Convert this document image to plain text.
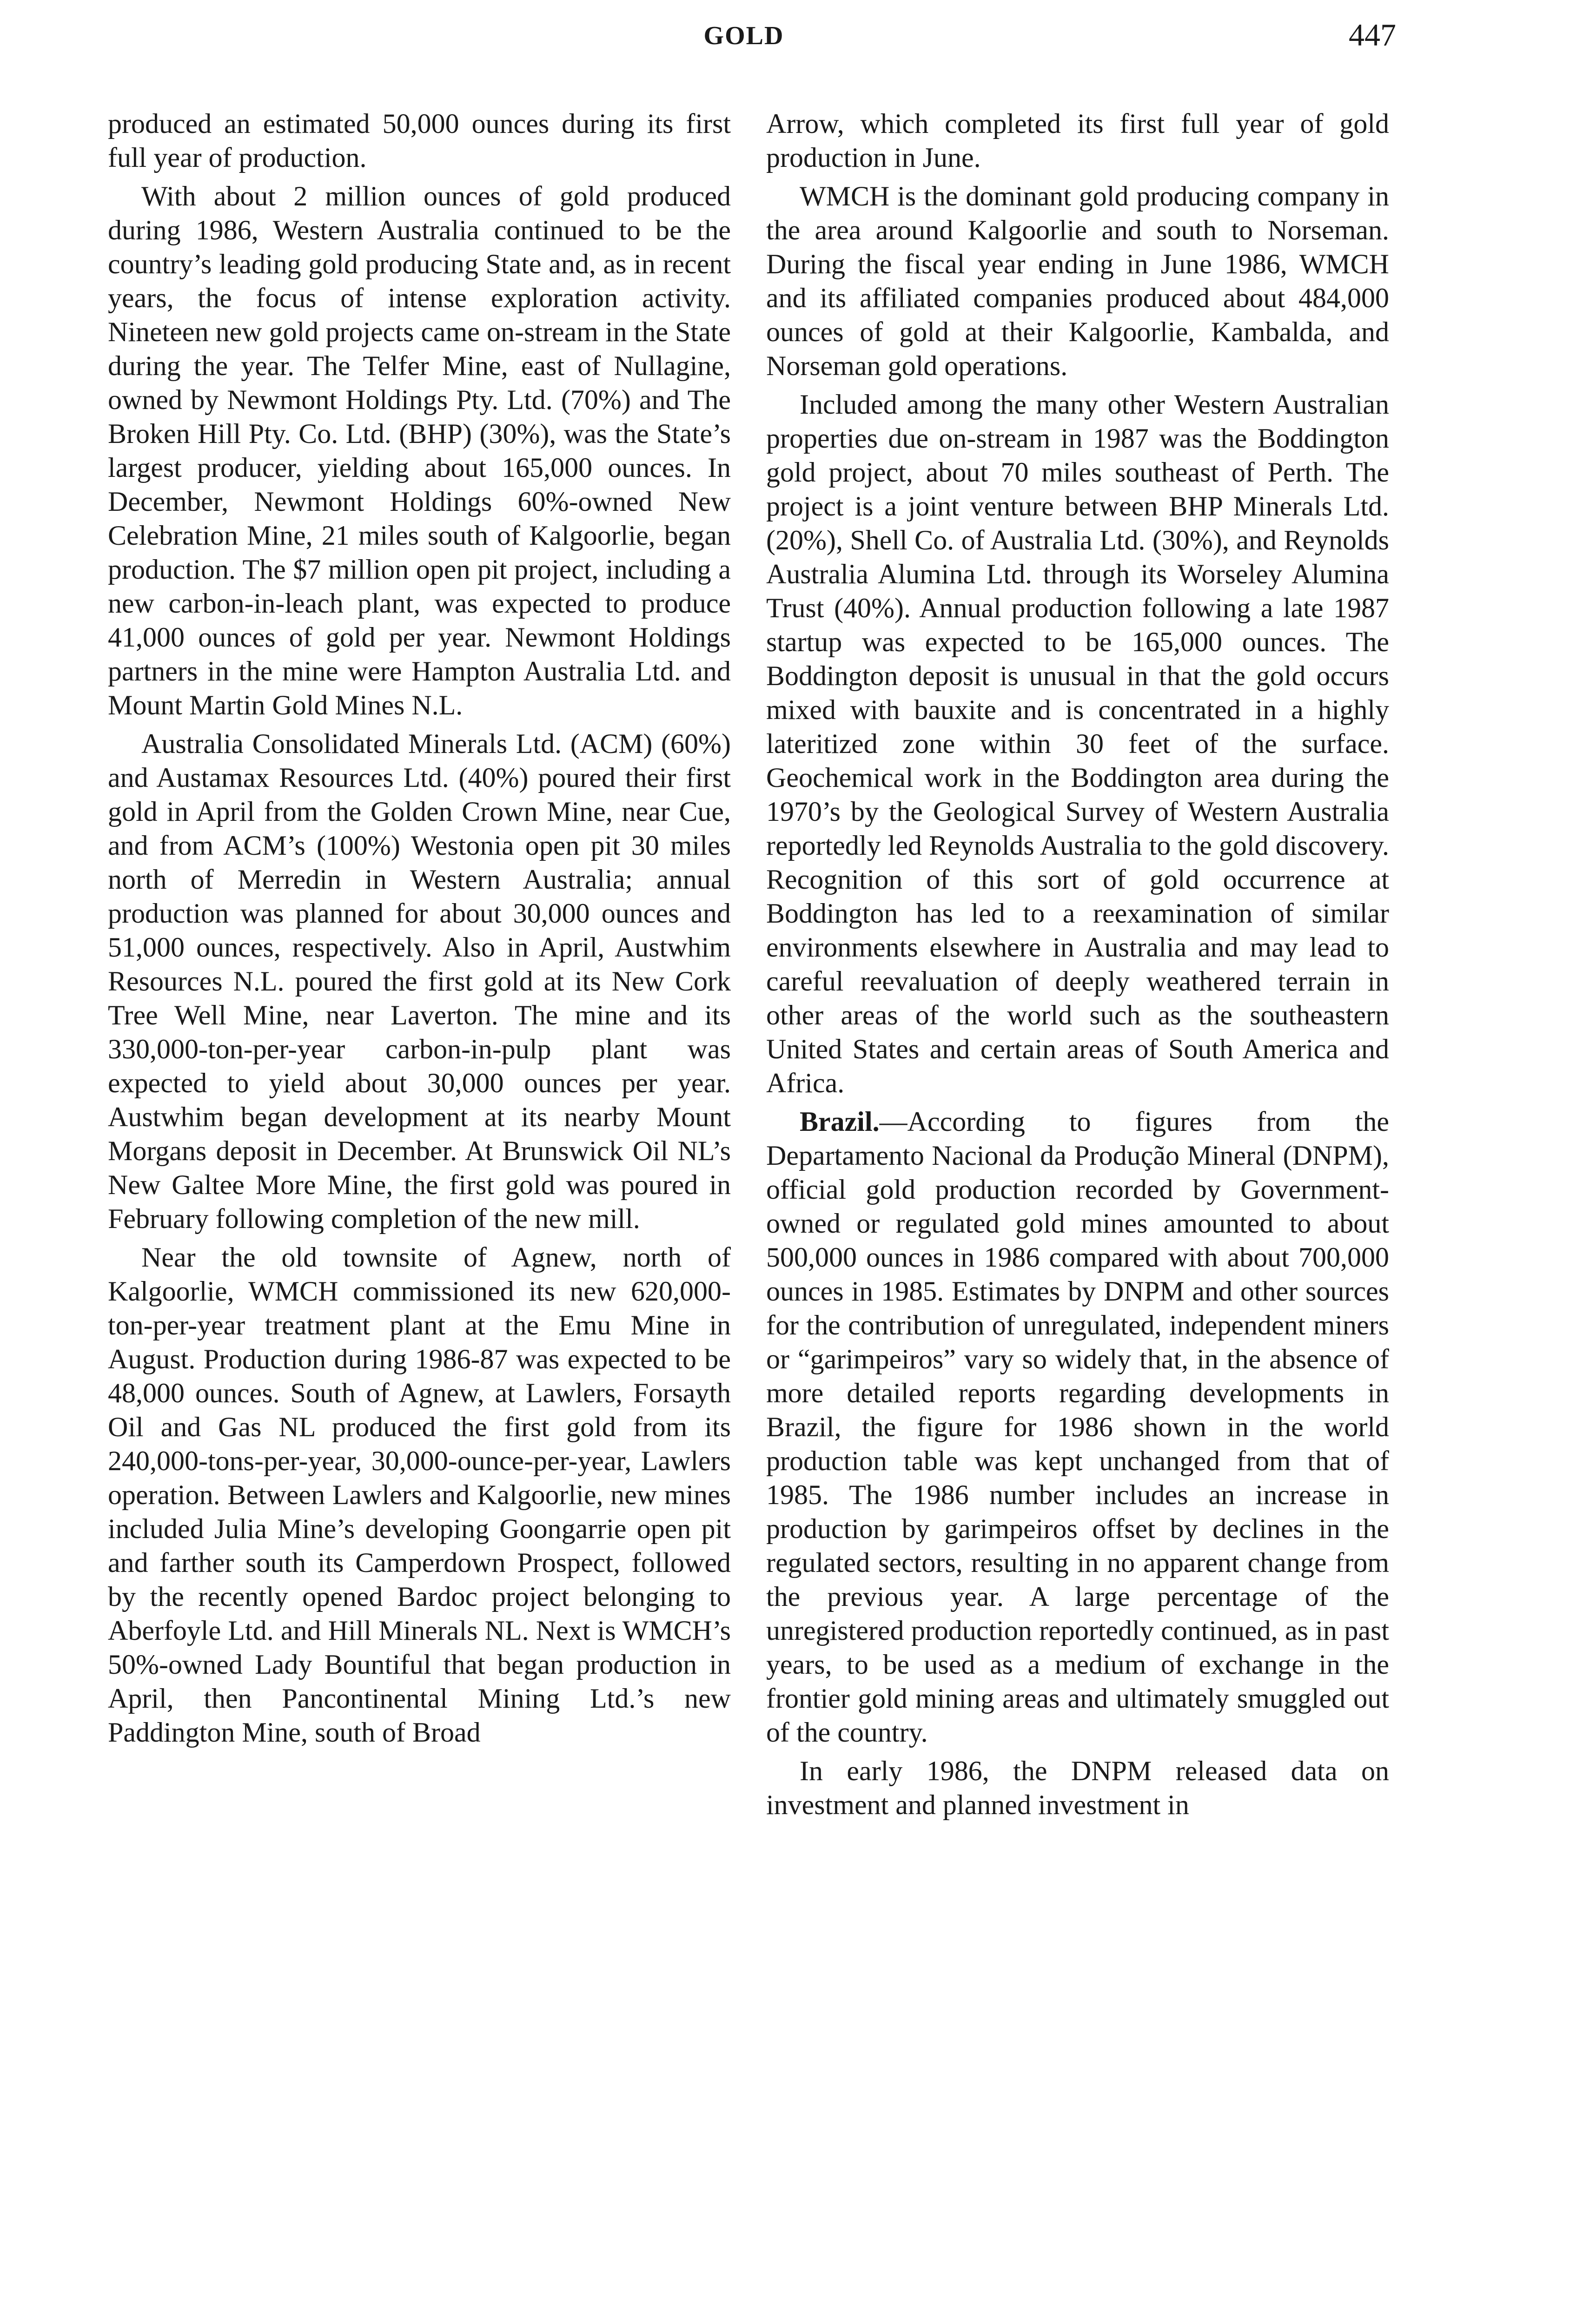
GOLD	447

produced an estimated 50,000 ounces during its first full year of production.

With about 2 million ounces of gold produced during 1986, Western Australia continued to be the country’s leading gold producing State and, as in recent years, the focus of intense exploration activity. Nineteen new gold projects came on-stream in the State during the year. The Telfer Mine, east of Nullagine, owned by Newmont Holdings Pty. Ltd. (70%) and The Broken Hill Pty. Co. Ltd. (BHP) (30%), was the State’s largest producer, yielding about 165,000 ounces. In December, Newmont Holdings 60%-owned New Celebration Mine, 21 miles south of Kalgoorlie, began production. The $7 million open pit project, including a new carbon-in-leach plant, was expected to produce 41,000 ounces of gold per year. Newmont Holdings partners in the mine were Hampton Australia Ltd. and Mount Martin Gold Mines N.L.

Australia Consolidated Minerals Ltd. (ACM) (60%) and Austamax Resources Ltd. (40%) poured their first gold in April from the Golden Crown Mine, near Cue, and from ACM’s (100%) Westonia open pit 30 miles north of Merredin in Western Australia; annual production was planned for about 30,000 ounces and 51,000 ounces, respectively. Also in April, Austwhim Resources N.L. poured the first gold at its New Cork Tree Well Mine, near Laverton. The mine and its 330,000-ton-per-year carbon-in-pulp plant was expected to yield about 30,000 ounces per year. Austwhim began development at its nearby Mount Morgans deposit in December. At Brunswick Oil NL’s New Galtee More Mine, the first gold was poured in February following completion of the new mill.

Near the old townsite of Agnew, north of Kalgoorlie, WMCH commissioned its new 620,000-ton-per-year treatment plant at the Emu Mine in August. Production during 1986-87 was expected to be 48,000 ounces. South of Agnew, at Lawlers, Forsayth Oil and Gas NL produced the first gold from its 240,000-tons-per-year, 30,000-ounce-per-year, Lawlers operation. Between Lawlers and Kalgoorlie, new mines included Julia Mine’s developing Goongarrie open pit and farther south its Camperdown Prospect, followed by the recently opened Bardoc project belonging to Aberfoyle Ltd. and Hill Minerals NL. Next is WMCH’s 50%-owned Lady Bountiful that began production in April, then Pancontinental Mining Ltd.’s new Paddington Mine, south of Broad

Arrow, which completed its first full year of gold production in June.

WMCH is the dominant gold producing company in the area around Kalgoorlie and south to Norseman. During the fiscal year ending in June 1986, WMCH and its affiliated companies produced about 484,000 ounces of gold at their Kalgoorlie, Kambalda, and Norseman gold operations.

Included among the many other Western Australian properties due on-stream in 1987 was the Boddington gold project, about 70 miles southeast of Perth. The project is a joint venture between BHP Minerals Ltd. (20%), Shell Co. of Australia Ltd. (30%), and Reynolds Australia Alumina Ltd. through its Worseley Alumina Trust (40%). Annual production following a late 1987 startup was expected to be 165,000 ounces. The Boddington deposit is unusual in that the gold occurs mixed with bauxite and is concentrated in a highly lateritized zone within 30 feet of the surface. Geochemical work in the Boddington area during the 1970’s by the Geological Survey of Western Australia reportedly led Reynolds Australia to the gold discovery. Recognition of this sort of gold occurrence at Boddington has led to a reexamination of similar environments elsewhere in Australia and may lead to careful reevaluation of deeply weathered terrain in other areas of the world such as the southeastern United States and certain areas of South America and Africa.

Brazil.—According to figures from the Departamento Nacional da Produção Mineral (DNPM), official gold production recorded by Government-owned or regulated gold mines amounted to about 500,000 ounces in 1986 compared with about 700,000 ounces in 1985. Estimates by DNPM and other sources for the contribution of unregulated, independent miners or “garimpeiros” vary so widely that, in the absence of more detailed reports regarding developments in Brazil, the figure for 1986 shown in the world production table was kept unchanged from that of 1985. The 1986 number includes an increase in production by garimpeiros offset by declines in the regulated sectors, resulting in no apparent change from the previous year. A large percentage of the unregistered production reportedly continued, as in past years, to be used as a medium of exchange in the frontier gold mining areas and ultimately smuggled out of the country.

In early 1986, the DNPM released data on investment and planned investment in
